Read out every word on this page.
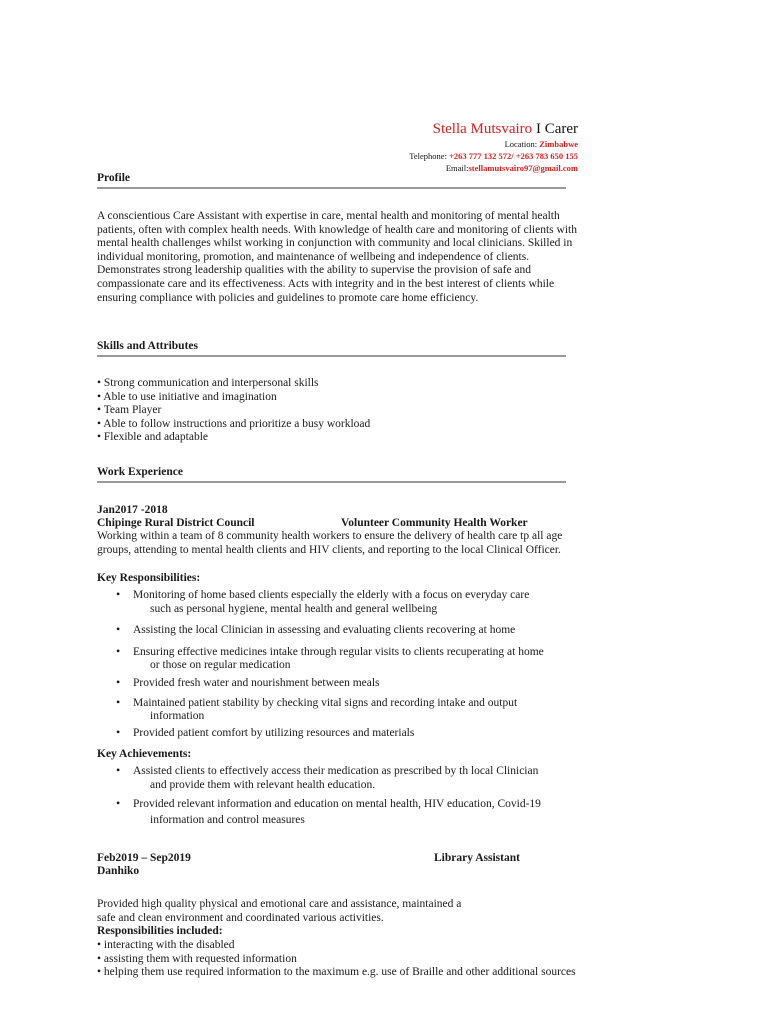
Stella Mutsvairo I Carer
Location: Zimbabwe
Telephone: +263 777 132 572/ +263 783 650 155
Email:stellamutsvairo97@gmail.com
Profile
A conscientious Care Assistant with expertise in care, mental health and monitoring of mental health patients, often with complex health needs. With knowledge of health care and monitoring of clients with mental health challenges whilst working in conjunction with community and local clinicians. Skilled in individual monitoring, promotion, and maintenance of wellbeing and independence of clients. Demonstrates strong leadership qualities with the ability to supervise the provision of safe and compassionate care and its effectiveness. Acts with integrity and in the best interest of clients while ensuring compliance with policies and guidelines to promote care home efficiency.
Skills and Attributes
• Strong communication and interpersonal skills
• Able to use initiative and imagination
• Team Player
• Able to follow instructions and prioritize a busy workload
• Flexible and adaptable
Work Experience
Jan2017 -2018
Chipinge Rural District Council	Volunteer Community Health Worker
Working within a team of 8 community health workers to ensure the delivery of health care tp all age groups, attending to mental health clients and HIV clients, and reporting to the local Clinical Officer.
Key Responsibilities:
• Monitoring of home based clients especially the elderly with a focus on everyday care
such as personal hygiene, mental health and general wellbeing
• Assisting the local Clinician in assessing and evaluating clients recovering at home
• Ensuring effective medicines intake through regular visits to clients recuperating at home
or those on regular medication
• Provided fresh water and nourishment between meals
• Maintained patient stability by checking vital signs and recording intake and output
information
• Provided patient comfort by utilizing resources and materials
Key Achievements:
• Assisted clients to effectively access their medication as prescribed by th local Clinician
and provide them with relevant health education.
• Provided relevant information and education on mental health, HIV education, Covid-19
information and control measures
Feb2019 – Sep2019	Library Assistant
Danhiko
Provided high quality physical and emotional care and assistance, maintained a
safe and clean environment and coordinated various activities.
Responsibilities included:
• interacting with the disabled
• assisting them with requested information
• helping them use required information to the maximum e.g. use of Braille and other additional sources
